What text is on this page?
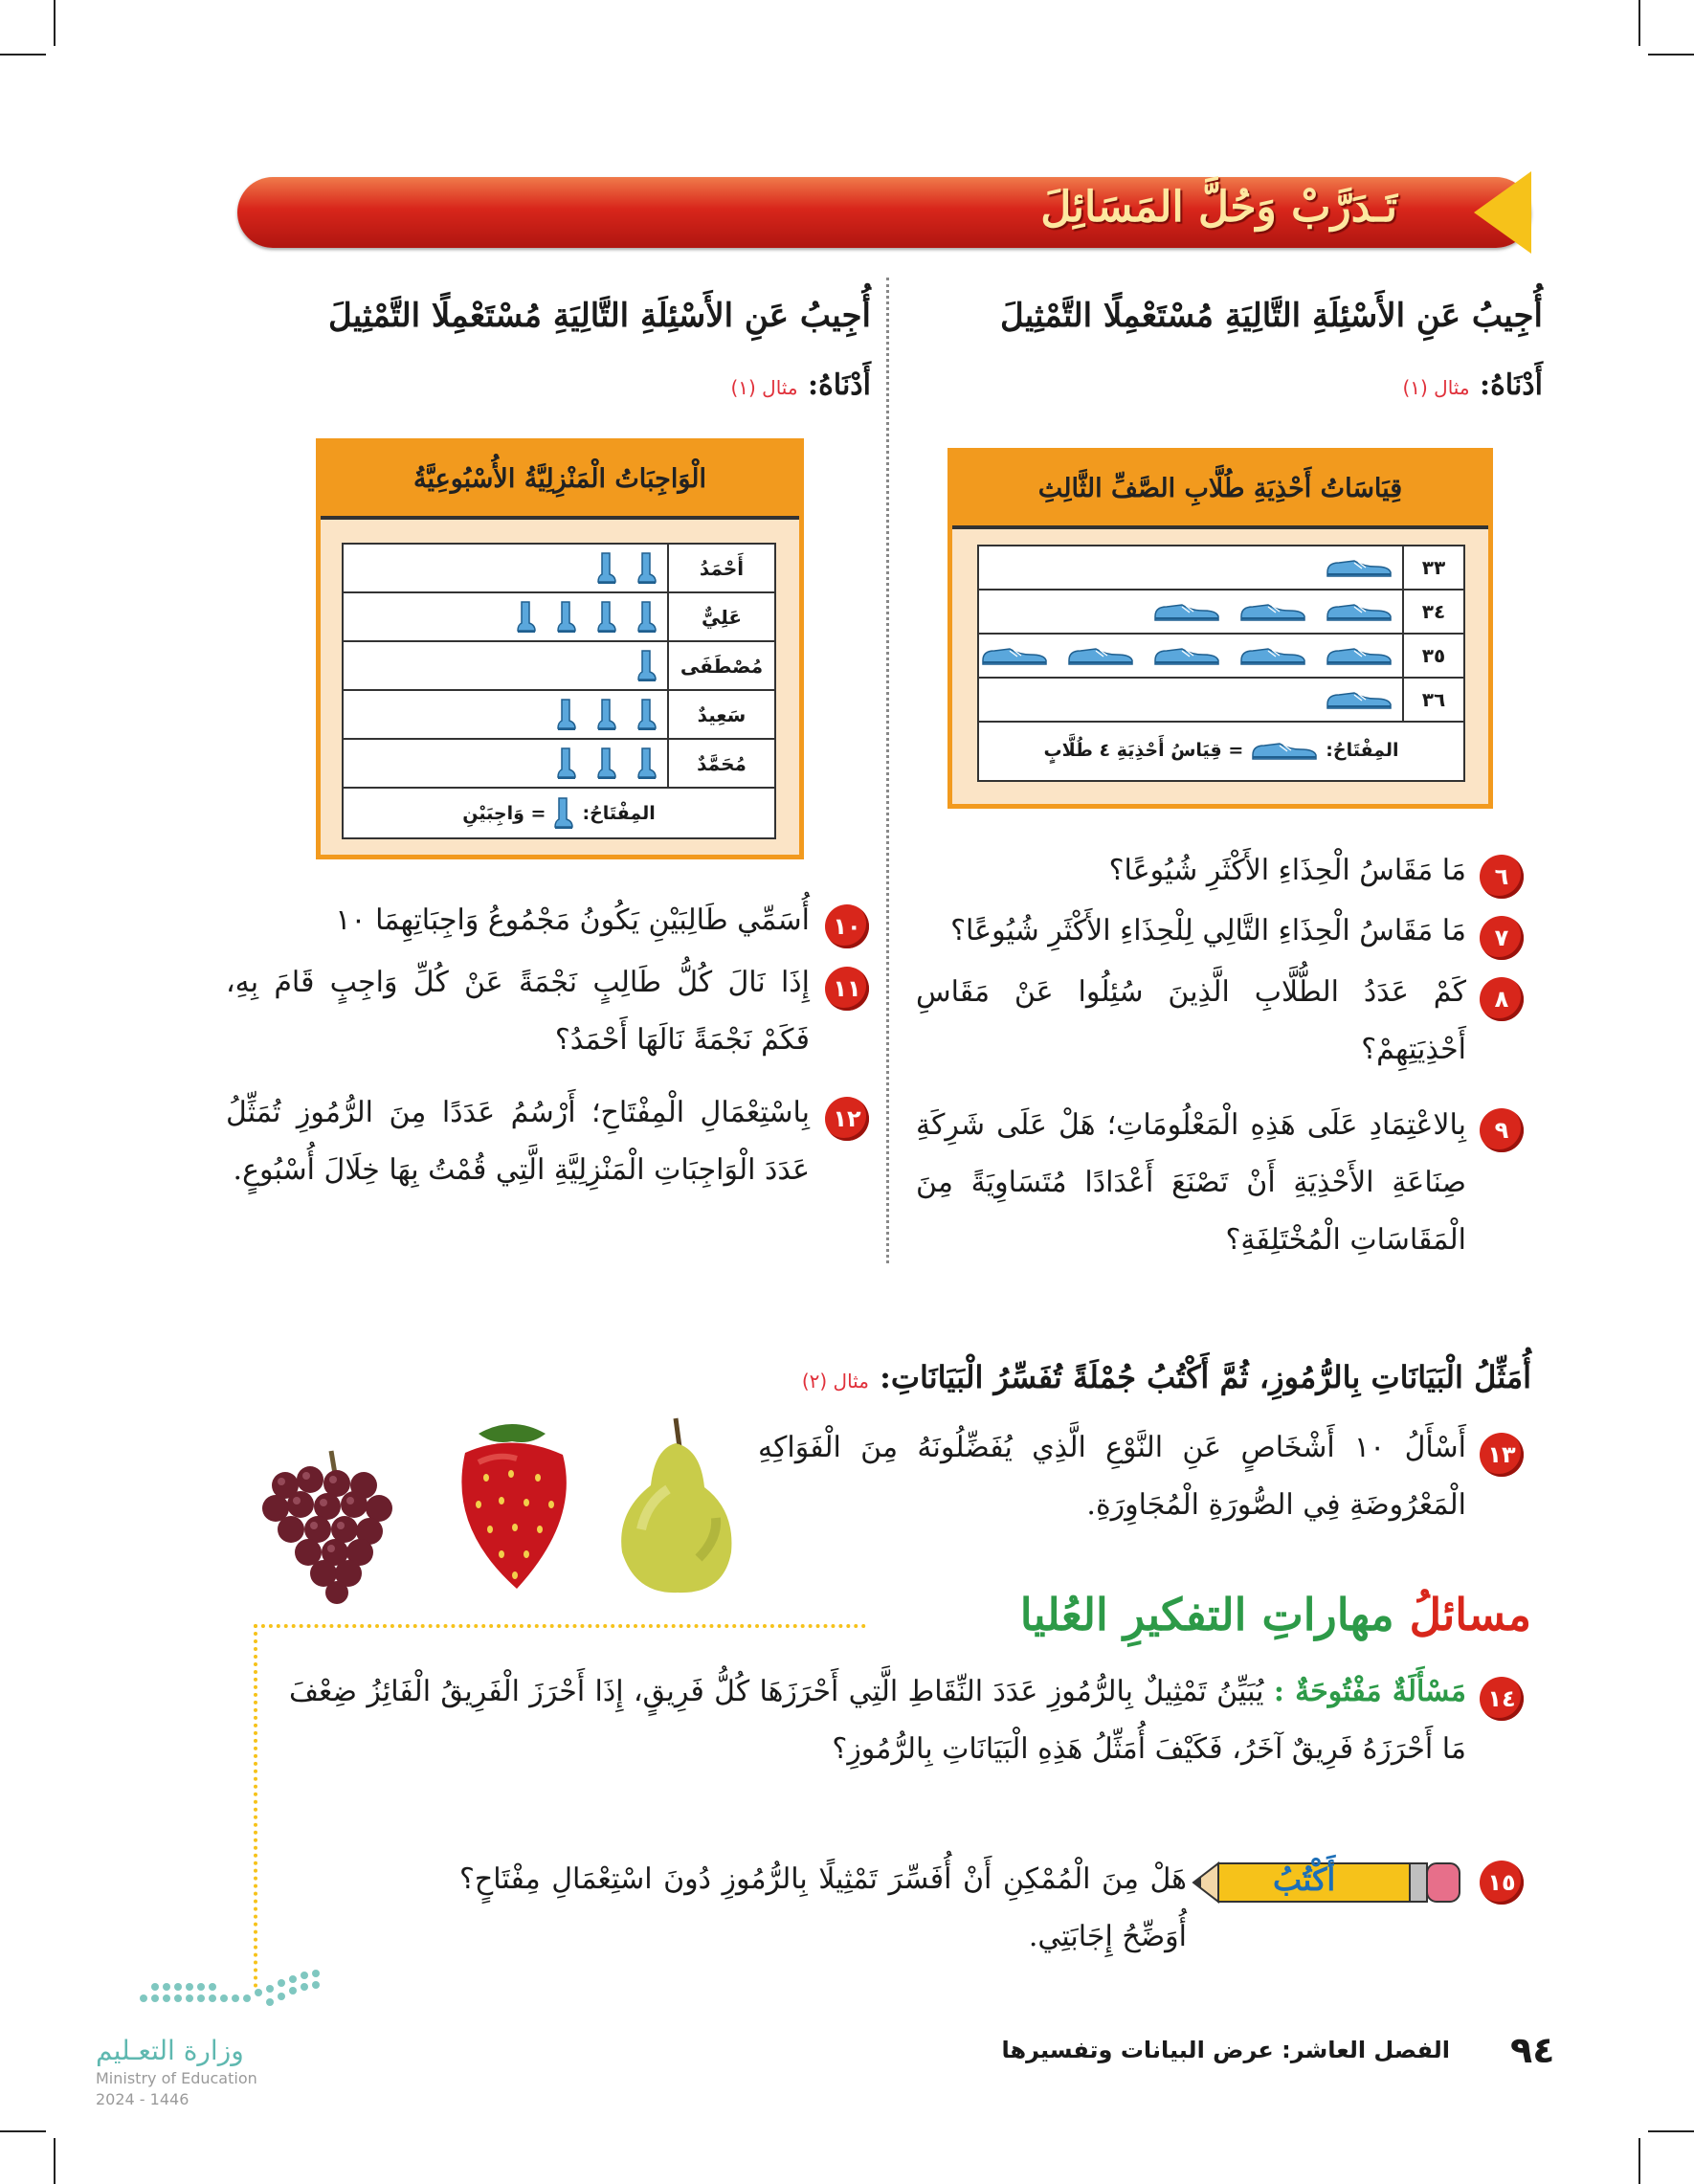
تَـدَرَّبْ وَحُلَّ المَسَائِلَ
أُجِيبُ عَنِ الأَسْئِلَةِ التَّالِيَةِ مُسْتَعْمِلًا التَّمْثِيلَ
أَدْنَاهُ: مثال (١)
قِيَاسَاتُ أَحْذِيَةِ طُلَّابِ الصَّفِّ الثَّالِثِ
٣٣
٣٤
٣٥
٣٦
المِفْتَاحُ:
= قِيَاسُ أَحْذِيَةِ ٤ طُلَّابٍ
أُجِيبُ عَنِ الأَسْئِلَةِ التَّالِيَةِ مُسْتَعْمِلًا التَّمْثِيلَ
أَدْنَاهُ: مثال (١)
الْوَاجِبَاتُ الْمَنْزِلِيَّةُ الأُسْبُوعِيَّةُ
أَحْمَدُ
عَلِيٌّ
مُصْطَفَى
سَعِيدٌ
مُحَمَّدٌ
المِفْتَاحُ:
= وَاجِبَيْنِ
٦
مَا مَقَاسُ الْحِذَاءِ الأَكْثَرِ شُيُوعًا؟
٧
مَا مَقَاسُ الْحِذَاءِ التَّالِي لِلْحِذَاءِ الأَكْثَرِ شُيُوعًا؟
٨
كَمْ عَدَدُ الطُّلَّابِ الَّذِينَ سُئِلُوا عَنْ مَقَاسِ أَحْذِيَتِهِمْ؟
٩
بِالاعْتِمَادِ عَلَى هَذِهِ الْمَعْلُومَاتِ؛ هَلْ عَلَى شَرِكَةِ صِنَاعَةِ الأَحْذِيَةِ أَنْ تَصْنَعَ أَعْدَادًا مُتَسَاوِيَةً مِنَ الْمَقَاسَاتِ الْمُخْتَلِفَةِ؟
١٠
أُسَمِّي طَالِبَيْنِ يَكُونُ مَجْمُوعُ وَاجِبَاتِهِمَا ١٠
١١
إِذَا نَالَ كُلُّ طَالِبٍ نَجْمَةً عَنْ كُلِّ وَاجِبٍ قَامَ بِهِ، فَكَمْ نَجْمَةً نَالَهَا أَحْمَدُ؟
١٢
بِاسْتِعْمَالِ الْمِفْتَاحِ؛ أَرْسُمُ عَدَدًا مِنَ الرُّمُوزِ تُمَثِّلُ عَدَدَ الْوَاجِبَاتِ الْمَنْزِلِيَّةِ الَّتِي قُمْتُ بِهَا خِلَالَ أُسْبُوعٍ.
أُمَثِّلُ الْبَيَانَاتِ بِالرُّمُوزِ، ثُمَّ أَكْتُبُ جُمْلَةً تُفَسِّرُ الْبَيَانَاتِ: مثال (٢)
١٣
أَسْأَلُ ١٠ أَشْخَاصٍ عَنِ النَّوْعِ الَّذِي يُفَضِّلُونَهُ مِنَ الْفَوَاكِهِ الْمَعْرُوضَةِ فِي الصُّورَةِ الْمُجَاوِرَةِ.
مسائلُ مهاراتِ التفكيرِ العُليا
١٤
مَسْأَلَةٌ مَفْتُوحَةٌ : يُبَيِّنُ تَمْثِيلٌ بِالرُّمُوزِ عَدَدَ النِّقَاطِ الَّتِي أَحْرَزَهَا كُلُّ فَرِيقٍ، إِذَا أَحْرَزَ الْفَرِيقُ الْفَائِزُ ضِعْفَ مَا أَحْرَزَهُ فَرِيقٌ آخَرُ، فَكَيْفَ أُمَثِّلُ هَذِهِ الْبَيَانَاتِ بِالرُّمُوزِ؟
١٥
أَكْتُبُ
هَلْ مِنَ الْمُمْكِنِ أَنْ أُفَسِّرَ تَمْثِيلًا بِالرُّمُوزِ دُونَ اسْتِعْمَالِ مِفْتَاحٍ؟ أُوَضِّحُ إِجَابَتِي.
٩٤
الفصل العاشر: عرض البيانات وتفسيرها
وزارة التعـليم
Ministry of Education
2024 - 1446
